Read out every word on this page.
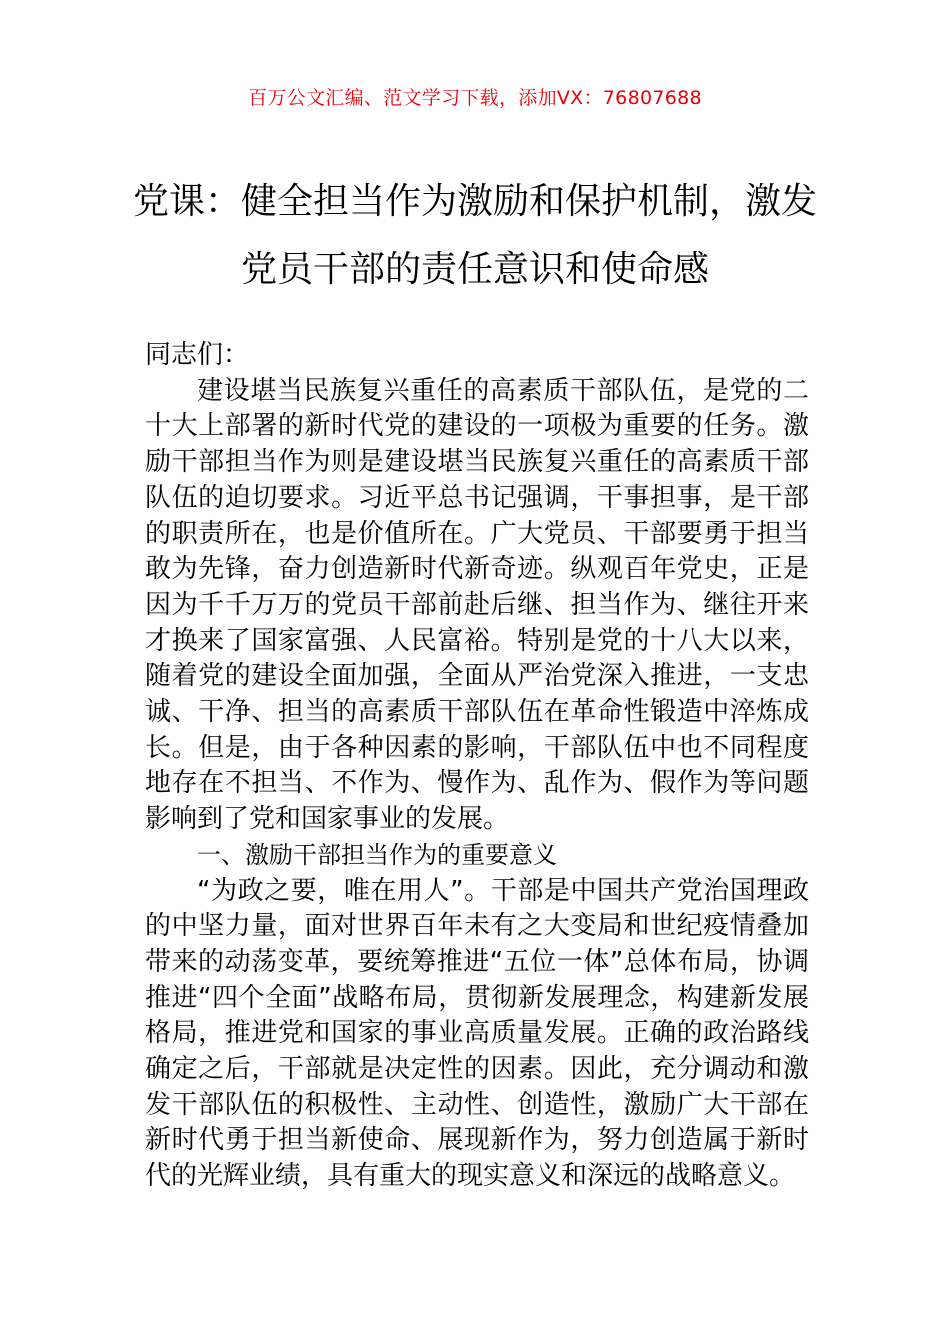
百万公文汇编、范文学习下载，添加VX：76807688
党课：健全担当作为激励和保护机制，激发党员干部的责任意识和使命感

同志们：

建设堪当民族复兴重任的高素质干部队伍，是党的二十大上部署的新时代党的建设的一项极为重要的任务。激励干部担当作为则是建设堪当民族复兴重任的高素质干部队伍的迫切要求。习近平总书记强调，干事担事，是干部的职责所在，也是价值所在。广大党员、干部要勇于担当敢为先锋，奋力创造新时代新奇迹。纵观百年党史，正是因为千千万万的党员干部前赴后继、担当作为、继往开来才换来了国家富强、人民富裕。特别是党的十八大以来，随着党的建设全面加强，全面从严治党深入推进，一支忠诚、干净、担当的高素质干部队伍在革命性锻造中淬炼成长。但是，由于各种因素的影响，干部队伍中也不同程度地存在不担当、不作为、慢作为、乱作为、假作为等问题影响到了党和国家事业的发展。

一、激励干部担当作为的重要意义

“为政之要，唯在用人”。干部是中国共产党治国理政的中坚力量，面对世界百年未有之大变局和世纪疫情叠加带来的动荡变革，要统筹推进“五位一体”总体布局，协调推进“四个全面”战略布局，贯彻新发展理念，构建新发展格局，推进党和国家的事业高质量发展。正确的政治路线确定之后，干部就是决定性的因素。因此，充分调动和激发干部队伍的积极性、主动性、创造性，激励广大干部在新时代勇于担当新使命、展现新作为，努力创造属于新时代的光辉业绩，具有重大的现实意义和深远的战略意义。
